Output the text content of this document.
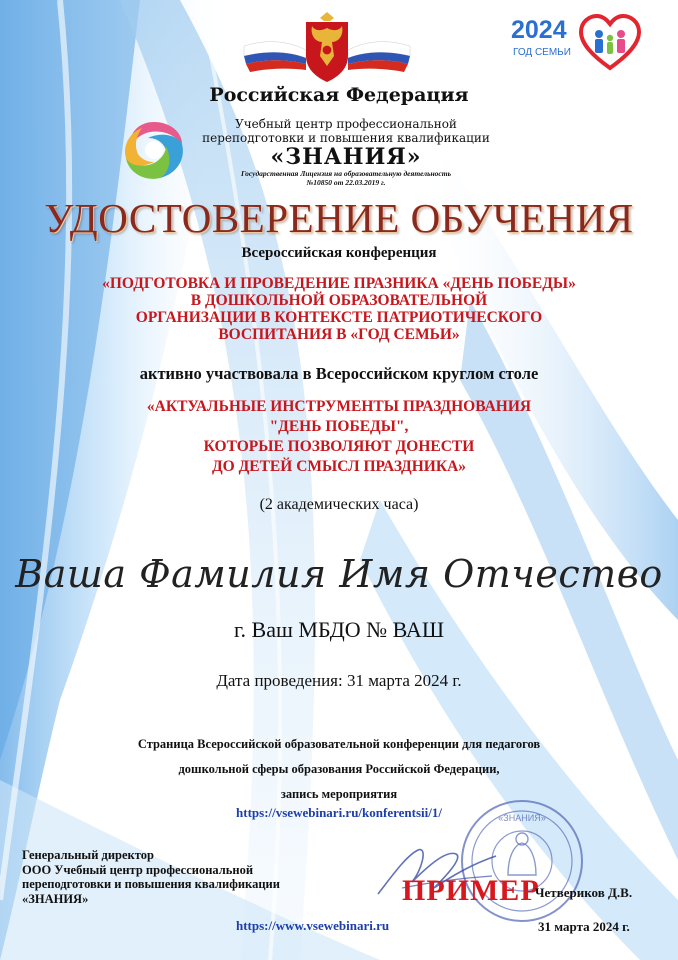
2024
ГОД СЕМЬИ
Российская Федерация
Учебный центр профессиональной
переподготовки и повышения квалификации
«ЗНАНИЯ»
Государственная Лицензия на образовательную деятельность
№10850 от 22.03.2019 г.
УДОСТОВЕРЕНИЕ ОБУЧЕНИЯ
Всероссийская конференция
«ПОДГОТОВКА И ПРОВЕДЕНИЕ ПРАЗНИКА «ДЕНЬ ПОБЕДЫ»
В ДОШКОЛЬНОЙ ОБРАЗОВАТЕЛЬНОЙ
ОРГАНИЗАЦИИ В КОНТЕКСТЕ ПАТРИОТИЧЕСКОГО
ВОСПИТАНИЯ В «ГОД СЕМЬИ»
активно участвовала в Всероссийском круглом столе
«АКТУАЛЬНЫЕ ИНСТРУМЕНТЫ ПРАЗДНОВАНИЯ
"ДЕНЬ ПОБЕДЫ",
КОТОРЫЕ ПОЗВОЛЯЮТ ДОНЕСТИ
ДО ДЕТЕЙ СМЫСЛ ПРАЗДНИКА»
(2 академических часа)
Ваша Фамилия Имя Отчество
г. Ваш МБДО № ВАШ
Дата проведения: 31 марта 2024 г.
Страница Всероссийской образовательной конференции для педагогов
дошкольной сферы образования Российской Федерации,
запись мероприятия
https://vsewebinari.ru/konferentsii/1/
Генеральный директор
ООО Учебный центр профессиональной
переподготовки и повышения квалификации
«ЗНАНИЯ»
«ЗНАНИЯ»
ПРИМЕР
Четвериков Д.В.
https://www.vsewebinari.ru	31 марта 2024 г.
